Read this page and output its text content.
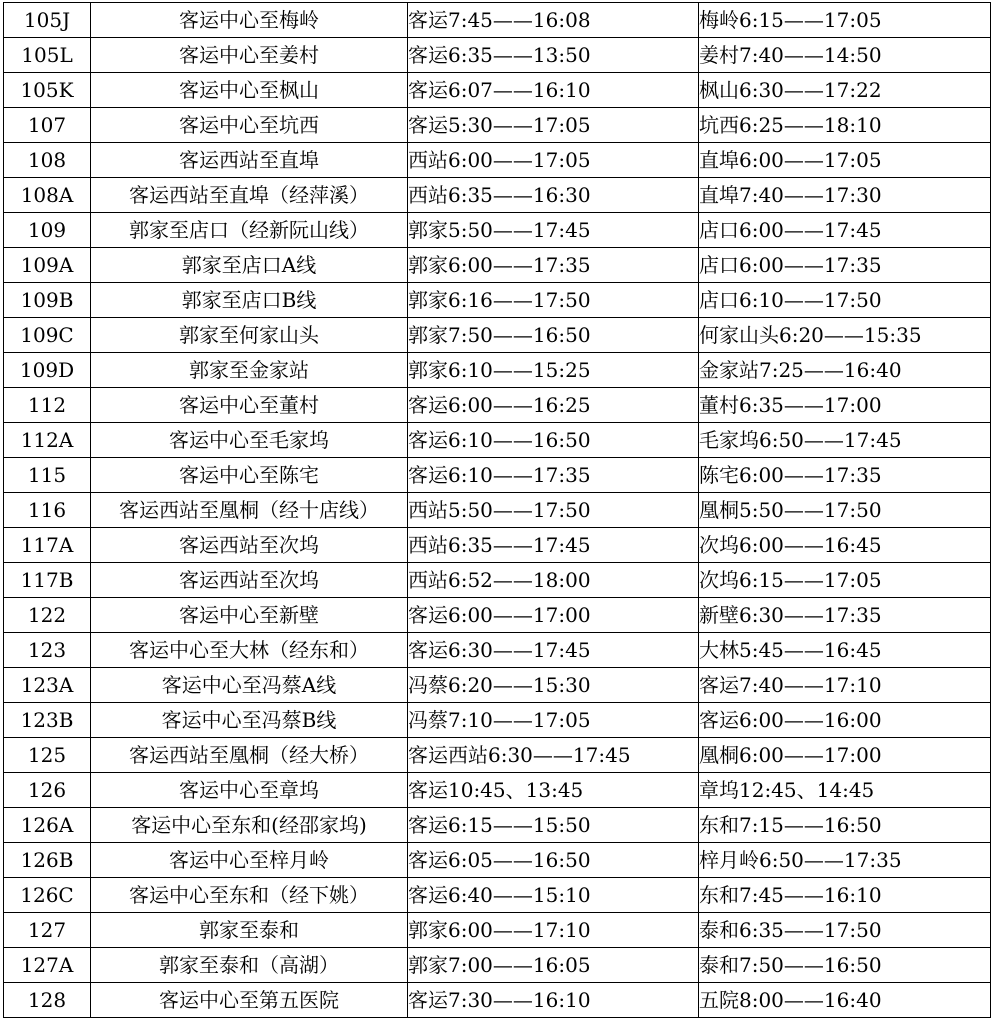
105J	客运中心至梅岭	客运7:45——16:08	梅岭6:15——17:05
105L	客运中心至姜村	客运6:35——13:50	姜村7:40——14:50
105K	客运中心至枫山	客运6:07——16:10	枫山6:30——17:22
107	客运中心至坑西	客运5:30——17:05	坑西6:25——18:10
108	客运西站至直埠	西站6:00——17:05	直埠6:00——17:05
108A	客运西站至直埠（经萍溪）	西站6:35——16:30	直埠7:40——17:30
109	郭家至店口（经新阮山线）	郭家5:50——17:45	店口6:00——17:45
109A	郭家至店口A线	郭家6:00——17:35	店口6:00——17:35
109B	郭家至店口B线	郭家6:16——17:50	店口6:10——17:50
109C	郭家至何家山头	郭家7:50——16:50	何家山头6:20——15:35
109D	郭家至金家站	郭家6:10——15:25	金家站7:25——16:40
112	客运中心至董村	客运6:00——16:25	董村6:35——17:00
112A	客运中心至毛家坞	客运6:10——16:50	毛家坞6:50——17:45
115	客运中心至陈宅	客运6:10——17:35	陈宅6:00——17:35
116	客运西站至凰桐（经十店线）	西站5:50——17:50	凰桐5:50——17:50
117A	客运西站至次坞	西站6:35——17:45	次坞6:00——16:45
117B	客运西站至次坞	西站6:52——18:00	次坞6:15——17:05
122	客运中心至新壁	客运6:00——17:00	新壁6:30——17:35
123	客运中心至大林（经东和）	客运6:30——17:45	大林5:45——16:45
123A	客运中心至冯蔡A线	冯蔡6:20——15:30	客运7:40——17:10
123B	客运中心至冯蔡B线	冯蔡7:10——17:05	客运6:00——16:00
125	客运西站至凰桐（经大桥）	客运西站6:30——17:45	凰桐6:00——17:00
126	客运中心至章坞	客运10:45、13:45	章坞12:45、14:45
126A	客运中心至东和(经邵家坞)	客运6:15——15:50	东和7:15——16:50
126B	客运中心至梓月岭	客运6:05——16:50	梓月岭6:50——17:35
126C	客运中心至东和（经下姚）	客运6:40——15:10	东和7:45——16:10
127	郭家至泰和	郭家6:00——17:10	泰和6:35——17:50
127A	郭家至泰和（高湖）	郭家7:00——16:05	泰和7:50——16:50
128	客运中心至第五医院	客运7:30——16:10	五院8:00——16:40
